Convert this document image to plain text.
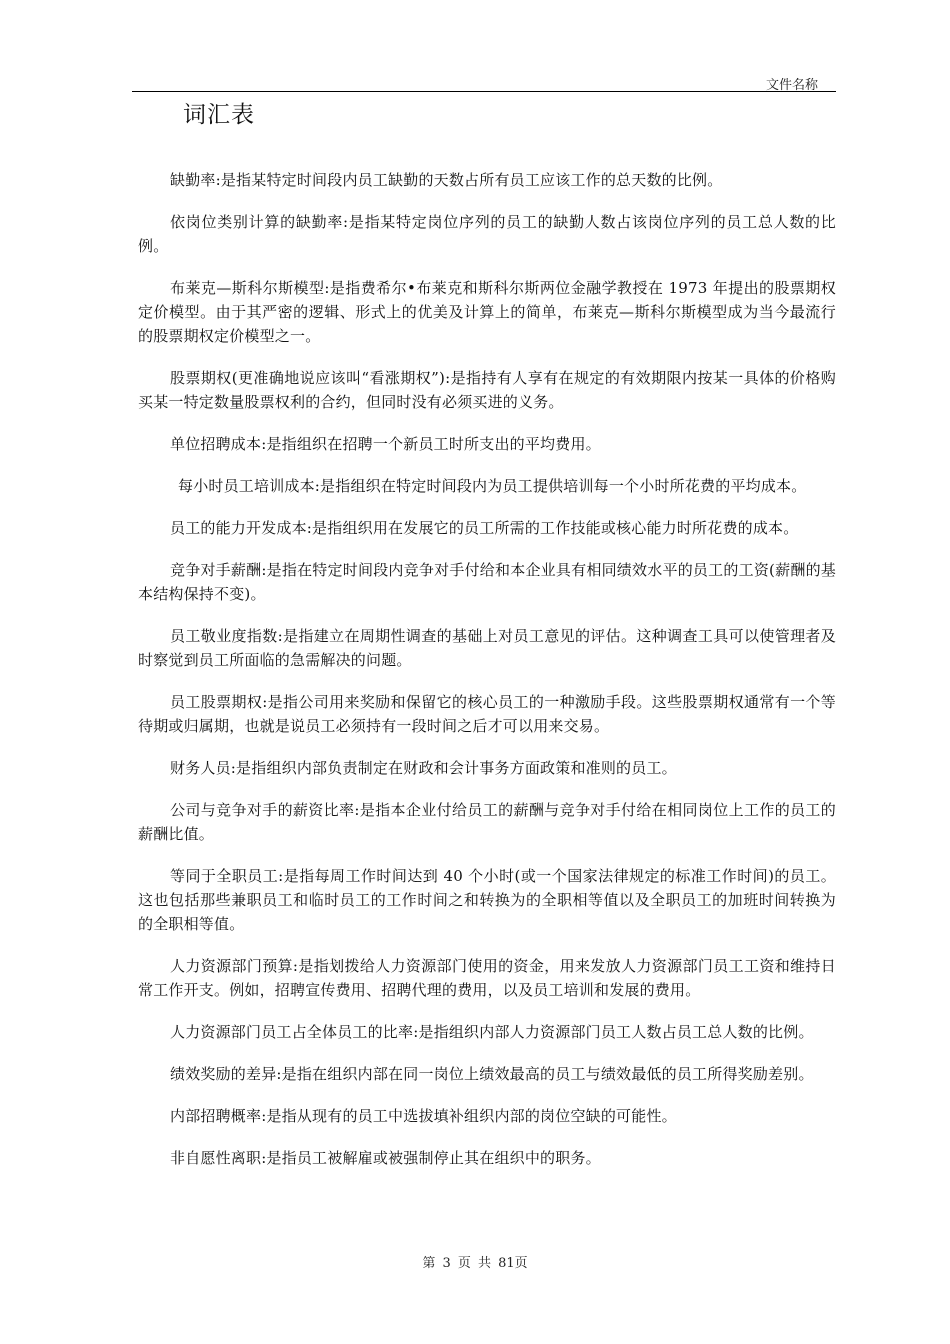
文件名称
词汇表

缺勤率:是指某特定时间段内员工缺勤的天数占所有员工应该工作的总天数的比例。

依岗位类别计算的缺勤率:是指某特定岗位序列的员工的缺勤人数占该岗位序列的员工总人数的比例。

布莱克—斯科尔斯模型:是指费希尔•布莱克和斯科尔斯两位金融学教授在 1973 年提出的股票期权定价模型。由于其严密的逻辑、形式上的优美及计算上的简单，布莱克—斯科尔斯模型成为当今最流行的股票期权定价模型之一。

股票期权(更准确地说应该叫“看涨期权”):是指持有人享有在规定的有效期限内按某一具体的价格购买某一特定数量股票权利的合约，但同时没有必须买进的义务。

单位招聘成本:是指组织在招聘一个新员工时所支出的平均费用。

每小时员工培训成本:是指组织在特定时间段内为员工提供培训每一个小时所花费的平均成本。

员工的能力开发成本:是指组织用在发展它的员工所需的工作技能或核心能力时所花费的成本。

竞争对手薪酬:是指在特定时间段内竞争对手付给和本企业具有相同绩效水平的员工的工资(薪酬的基本结构保持不变)。

员工敬业度指数:是指建立在周期性调查的基础上对员工意见的评估。这种调查工具可以使管理者及时察觉到员工所面临的急需解决的问题。

员工股票期权:是指公司用来奖励和保留它的核心员工的一种激励手段。这些股票期权通常有一个等待期或归属期，也就是说员工必须持有一段时间之后才可以用来交易。

财务人员:是指组织内部负责制定在财政和会计事务方面政策和准则的员工。

公司与竞争对手的薪资比率:是指本企业付给员工的薪酬与竞争对手付给在相同岗位上工作的员工的薪酬比值。

等同于全职员工:是指每周工作时间达到 40 个小时(或一个国家法律规定的标准工作时间)的员工。这也包括那些兼职员工和临时员工的工作时间之和转换为的全职相等值以及全职员工的加班时间转换为的全职相等值。

人力资源部门预算:是指划拨给人力资源部门使用的资金，用来发放人力资源部门员工工资和维持日常工作开支。例如，招聘宣传费用、招聘代理的费用，以及员工培训和发展的费用。

人力资源部门员工占全体员工的比率:是指组织内部人力资源部门员工人数占员工总人数的比例。

绩效奖励的差异:是指在组织内部在同一岗位上绩效最高的员工与绩效最低的员工所得奖励差别。

内部招聘概率:是指从现有的员工中选拔填补组织内部的岗位空缺的可能性。

非自愿性离职:是指员工被解雇或被强制停止其在组织中的职务。

第 3 页 共 81页
